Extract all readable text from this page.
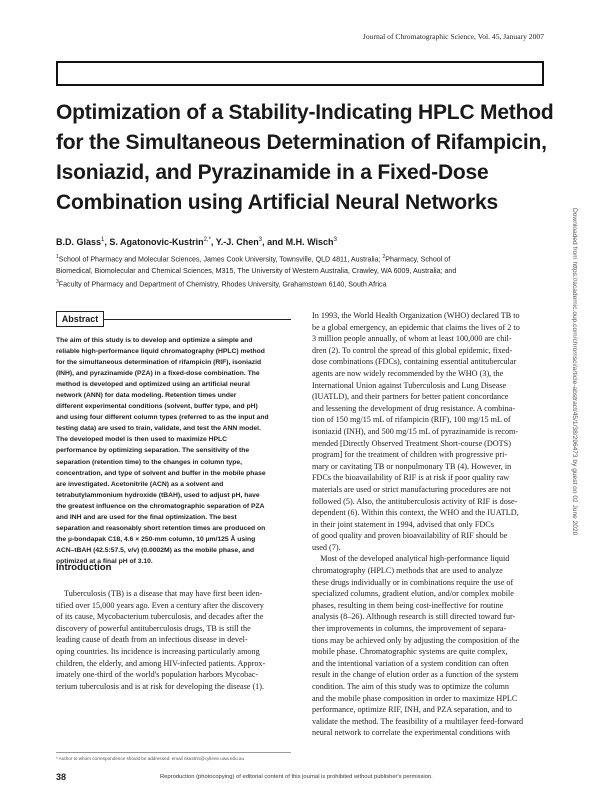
Journal of Chromatographic Science, Vol. 45, January 2007
Optimization of a Stability-Indicating HPLC Method
for the Simultaneous Determination of Rifampicin,
Isoniazid, and Pyrazinamide in a Fixed-Dose
Combination using Artificial Neural Networks
B.D. Glass$^1$, S. Agatonovic-Kustrin$^{2,*}$, Y.-J. Chen$^3$, and M.H. Wisch$^3$
$^1$School of Pharmacy and Molecular Sciences, James Cook University, Townsville, QLD 4811, Australia; $^2$Pharmacy, School of
Biomedical, Biomolecular and Chemical Sciences, M315, The University of Western Australia, Crawley, WA 6009, Australia; and
$^3$Faculty of Pharmacy and Department of Chemistry, Rhodes University, Grahamstown 6140, South Africa	Downloaded from https://academic.oup.com/chromsci/article-abstract/45/1/38/296473 by guest on 02 June 2020
Abstract
The aim of this study is to develop and optimize a simple and
reliable high-performance liquid chromatography (HPLC) method
for the simultaneous determination of rifampicin (RIF), isoniazid
(INH), and pyrazinamide (PZA) in a fixed-dose combination. The
method is developed and optimized using an artificial neural
network (ANN) for data modeling. Retention times under
different experimental conditions (solvent, buffer type, and pH)
and using four different column types (referred to as the input and
testing data) are used to train, validate, and test the ANN model.
The developed model is then used to maximize HPLC
performance by optimizing separation. The sensitivity of the
separation (retention time) to the changes in column type,
concentration, and type of solvent and buffer in the mobile phase
are investigated. Acetonitrile (ACN) as a solvent and
tetrabutylammonium hydroxide (tBAH), used to adjust pH, have
the greatest influence on the chromatographic separation of PZA
and INH and are used for the final optimization. The best
separation and reasonably short retention times are produced on
the µ-bondapak C18, 4.6 × 250-mm column, 10 µm/125 Å using
ACN–tBAH (42.5:57.5, v/v) (0.0002M) as the mobile phase, and
optimized at a final pH of 3.10.
Introduction
Tuberculosis (TB) is a disease that may have first been iden-
tified over 15,000 years ago. Even a century after the discovery
of its cause, Mycobacterium tuberculosis, and decades after the
discovery of powerful antituberculosis drugs, TB is still the
leading cause of death from an infectious disease in devel-
oping countries. Its incidence is increasing particularly among
children, the elderly, and among HIV-infected patients. Approx-
imately one-third of the world's population harbors Mycobac-
terium tuberculosis and is at risk for developing the disease (1).
In 1993, the World Health Organization (WHO) declared TB to
be a global emergency, an epidemic that claims the lives of 2 to
3 million people annually, of whom at least 100,000 are chil-
dren (2). To control the spread of this global epidemic, fixed-
dose combinations (FDCs), containing essential antitubercular
agents are now widely recommended by the WHO (3), the
International Union against Tuberculosis and Lung Disease
(IUATLD), and their partners for better patient concordance
and lessening the development of drug resistance. A combina-
tion of 150 mg/15 mL of rifampicin (RIF), 100 mg/15 mL of
isoniazid (INH), and 500 mg/15 mL of pyrazinamide is recom-
mended [Directly Observed Treatment Short-course (DOTS)
program] for the treatment of children with progressive pri-
mary or cavitating TB or nonpulmonary TB (4). However, in
FDCs the bioavailability of RIF is at risk if poor quality raw
materials are used or strict manufacturing procedures are not
followed (5). Also, the antituberculosis activity of RIF is dose-
dependent (6). Within this context, the WHO and the IUATLD,
in their joint statement in 1994, advised that only FDCs
of good quality and proven bioavailability of RIF should be
used (7).
Most of the developed analytical high-performance liquid
chromatography (HPLC) methods that are used to analyze
these drugs individually or in combinations require the use of
specialized columns, gradient elution, and/or complex mobile
phases, resulting in them being cost-ineffective for routine
analysis (8–26). Although research is still directed toward fur-
ther improvements in columns, the improvement of separa-
tions may be achieved only by adjusting the composition of the
mobile phase. Chromatographic systems are quite complex,
and the intentional variation of a system condition can often
result in the change of elution order as a function of the system
condition. The aim of this study was to optimize the column
and the mobile phase composition in order to maximize HPLC
performance, optimize RIF, INH, and PZA separation, and to
validate the method. The feasibility of a multilayer feed-forward
neural network to correlate the experimental conditions with
* Author to whom correspondence should be addressed: email nkustrin@cyllene.uwa.edu.au
38	Reproduction (photocopying) of editorial content of this journal is prohibited without publisher's permission.
